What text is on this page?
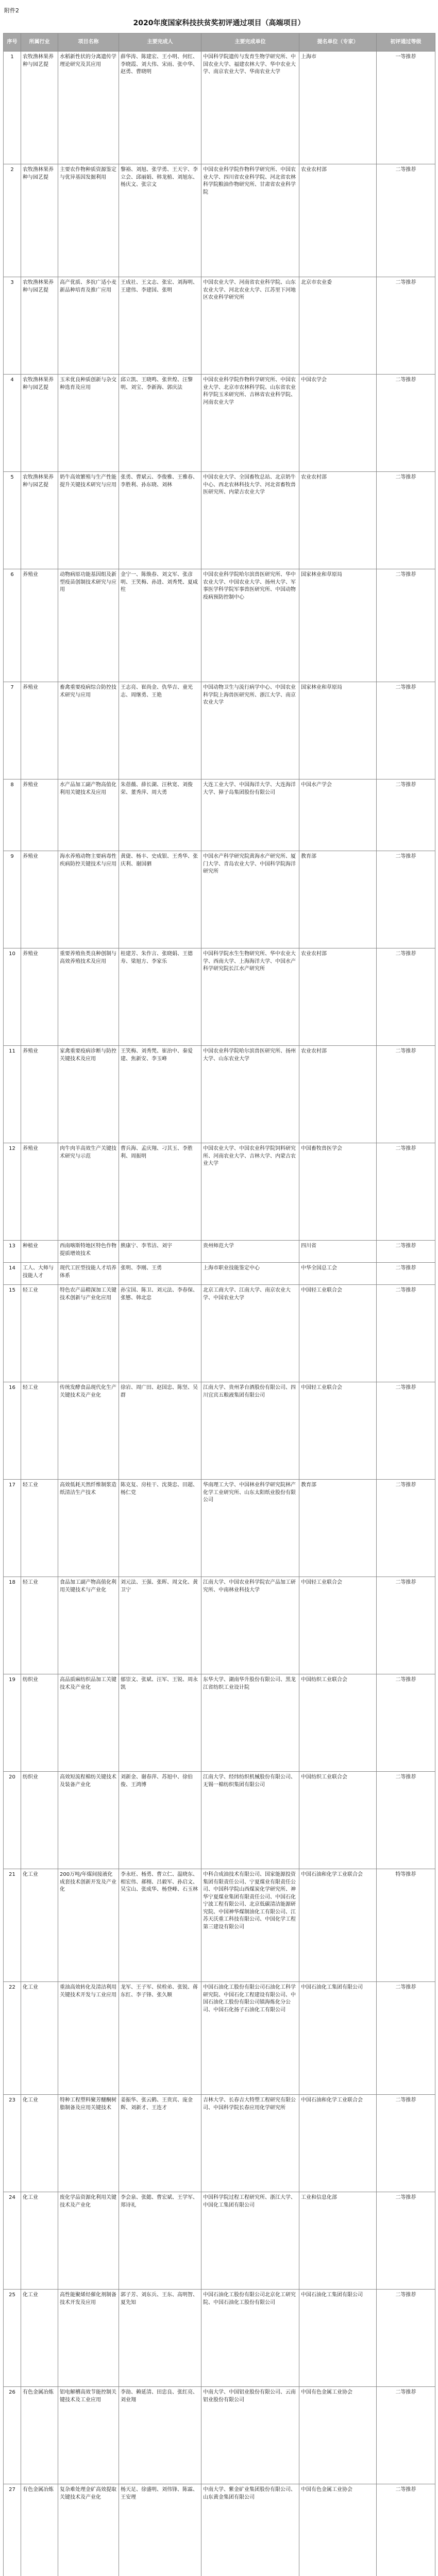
附件2
2020年度国家科技扶贫奖初评通过项目（高端项目）
序号	所属行业	项目名称	主要完成人	主要完成单位	提名单位（专家）	初评通过等级
1	农牧渔林果养种与园艺提	水稻新性状的分离遗传学理论研究及其应用	薛华涛、陈建宏、王小明、何红、李晓霞、刘大伟、宋雨、张中华、赵勇、曹晓明	中国科学院遗传与发育生物学研究所、中国农业大学、福建农林大学、华中农业大学、南京农业大学、华南农业大学	上海市	一等推荐
2	农牧渔林果养种与园艺提	主要农作物种质资源鉴定与优异基因发掘利用	黎裕、刘旭、张学勇、王天宇、李立会、邱丽娟、韩龙植、刘旭东、杨庆文、张宗文	中国农业科学院作物科学研究所、中国农业大学、四川省农业科学院、河北省农林科学院粮油作物研究所、甘肃省农业科学院	农业农村部	二等推荐
3	农牧渔林果养种与园艺提	高产优质、多抗广适小麦新品种培育及推广应用	王成社、王文志、张宏、刘海明、王建伟、李建国、张明	中国农业大学、河南省农业科学院、山东农业大学、河北农业大学、江苏里下河地区农业科学研究所	北京市农业委	二等推荐
4	农牧渔林果养种与园艺提	玉米优良种质创新与杂交种选育及应用	邱立凯、王晓鸣、张世煌、汪黎明、刘宝、李新海、郭庆法	中国农业科学院作物科学研究所、中国农业大学、北京市农林科学院、山东省农业科学院玉米研究所、吉林省农业科学院、河南农业大学	中国农学会	二等推荐
5	农牧渔林果养种与园艺提	奶牛高效繁殖与生产性能提升关键技术研究与应用	张勇、曹斌云、李俊雅、王雅春、李胜利、孙东晓、刘林	中国农业大学、全国畜牧总站、北京奶牛中心、西北农林科技大学、河北省畜牧兽医研究所、内蒙古农业大学	农业农村部	二等推荐
6	养殖业	动物病原功能基因组及新型疫苗创制技术研究与应用	金宁一、陈焕春、刘文军、张彦明、王笑梅、孙进、刘秀梵、夏咸柱	中国农业科学院哈尔滨兽医研究所、华中农业大学、中国农业大学、扬州大学、军事医学科学院军事兽医研究所、中国动物疫病预防控制中心	国家林业和草原局	二等推荐
7	养殖业	畜禽重要疫病综合防控技术研究与应用	王志亮、崔尚金、仇华吉、童光志、周继勇、王艳	中国动物卫生与流行病学中心、中国农业科学院上海兽医研究所、浙江大学、南京农业大学	国家林业和草原局	二等推荐
8	养殖业	水产品加工副产物高值化利用关键技术及应用	朱蓓薇、薛长湖、汪秋宽、刘俊荣、董秀萍、周大勇	大连工业大学、中国海洋大学、大连海洋大学、獐子岛集团股份有限公司	中国水产学会	二等推荐
9	养殖业	海水养殖动物主要病毒性疾病防控关键技术与应用	黄倢、杨丰、史成银、王秀华、张庆利、谢国驷	中国水产科学研究院黄海水产研究所、厦门大学、青岛农业大学、中国科学院海洋研究所	教育部	二等推荐
10	养殖业	重要养殖鱼类良种创制与高效养殖技术及应用	桂建芳、朱作言、张晓娟、王德寿、梁旭方、李家乐	中国科学院水生生物研究所、华中农业大学、西南大学、上海海洋大学、中国水产科学研究院长江水产研究所	农业农村部	二等推荐
11	养殖业	家禽重要疫病诊断与防控关键技术及应用	王笑梅、刘秀梵、崔治中、秦爱建、焦新安、李玉峰	中国农业科学院哈尔滨兽医研究所、扬州大学、山东农业大学	农业农村部	二等推荐
12	养殖业	肉牛肉羊高效生产关键技术研究与示范	曹兵海、孟庆翔、刁其玉、李胜利、周振明	中国农业大学、中国农业科学院饲料研究所、河南农业大学、吉林大学、内蒙古农业大学	中国畜牧兽医学会	二等推荐
13	种植业	西南喀斯特地区特色作物提质增效技术	熊康宁、李苇洁、刘宇	贵州师范大学	四川省	二等推荐
14	工人、大师与技能人才	现代工匠型技能人才培养体系	张明、李刚、王勇	上海市职业技能鉴定中心	中华全国总工会	二等推荐
15	轻工业	特色农产品精深加工关键技术创新与产业化应用	孙宝国、陈卫、刘元法、李春保、张慜、韩北忠	北京工商大学、江南大学、南京农业大学、中国农业大学	中国轻工业联合会	二等推荐
16	轻工业	传统发酵食品现代化生产关键技术及产业化	徐岩、周广田、赵国忠、陈坚、吴群	江南大学、贵州茅台酒股份有限公司、四川宜宾五粮液集团有限公司	中国轻工业联合会	二等推荐
17	轻工业	高效低耗天然纤维制浆造纸清洁生产技术	陈克复、房桂干、沈葵忠、田超、杨仁党	华南理工大学、中国林业科学研究院林产化学工业研究所、山东太阳纸业股份有限公司	教育部	二等推荐
18	轻工业	食品加工副产物高值化利用关键技术与产业化	刘元法、王强、张晖、周文化、黄卫宁	江南大学、中国农业科学院农产品加工研究所、中南林业科技大学	中国轻工业联合会	二等推荐
19	纺织业	高品质麻纺织品加工关键技术及产业化	郁崇文、张斌、汪军、王锐、周永凯	东华大学、湖南华升股份有限公司、黑龙江省纺织工业设计院	中国纺织工业联合会	二等推荐
20	纺织业	高效短流程棉纺关键技术及装备产业化	刘新金、谢春萍、苏旭中、徐伯俊、王鸿博	江南大学、经纬纺织机械股份有限公司、无锡一棉纺织集团有限公司	中国纺织工业联合会	二等推荐
21	化工业	200万吨/年煤间接液化成套技术创新开发及产业化	李永旺、杨勇、曹立仁、温晓东、相宏伟、郝栩、吕毅军、孙启文、吴宝山、张成华、杨登峰、石玉林	中科合成油技术有限公司、国家能源投资集团有限责任公司、宁夏煤业有限责任公司、中国科学院山西煤炭化学研究所、神华宁夏煤业集团有限责任公司、中国石化宁波工程有限公司、北京低碳清洁能源研究院、中国神华煤制油化工有限公司、江苏天沃重工科技有限公司、中国化学工程第三建设有限公司	中国石油和化学工业联合会	特等推荐
22	化工业	重油高效转化及清洁利用关键技术开发与工业应用	龙军、王子军、侯栓弟、张锐、蒋东红、李子锋、张久顺	中国石油化工股份有限公司石油化工科学研究院、中国石化工程建设有限公司、中国石油化工股份有限公司镇海炼化分公司、中国石化扬子石油化工有限公司	中国石油化工集团有限公司	二等推荐
23	化工业	特种工程塑料聚芳醚酮树脂制备及应用关键技术	姜振华、张云鹤、王贵宾、庞金辉、刘新才、王连才	吉林大学、长春吉大特塑工程研究有限公司、中国科学院长春应用化学研究所	中国石油和化学工业联合会	二等推荐
24	化工业	废化学品资源化利用关键技术及产业化	李会泉、张懿、曹宏斌、王学军、郑诗礼	中国科学院过程工程研究所、浙江大学、中国化工集团有限公司	工业和信息化部	二等推荐
25	化工业	高性能聚烯烃催化剂制备技术开发及应用	郭子芳、刘东兵、王东、高明智、夏先知	中国石油化工股份有限公司北京化工研究院、中国石油化工股份有限公司	中国石油化工集团有限公司	二等推荐
26	有色金属冶炼	铝电解槽高效节能控制关键技术及工业应用	李劼、赖延清、田忠良、张红亮、刘业翔	中南大学、中国铝业股份有限公司、云南铝业股份有限公司	中国有色金属工业协会	二等推荐
27	有色金属冶炼	复杂难处理金矿高效提取关键技术及产业化	杨天足、徐盛明、刘伟锋、陈霖、王安理	中南大学、紫金矿业集团股份有限公司、山东黄金集团有限公司	中国有色金属工业协会	二等推荐
